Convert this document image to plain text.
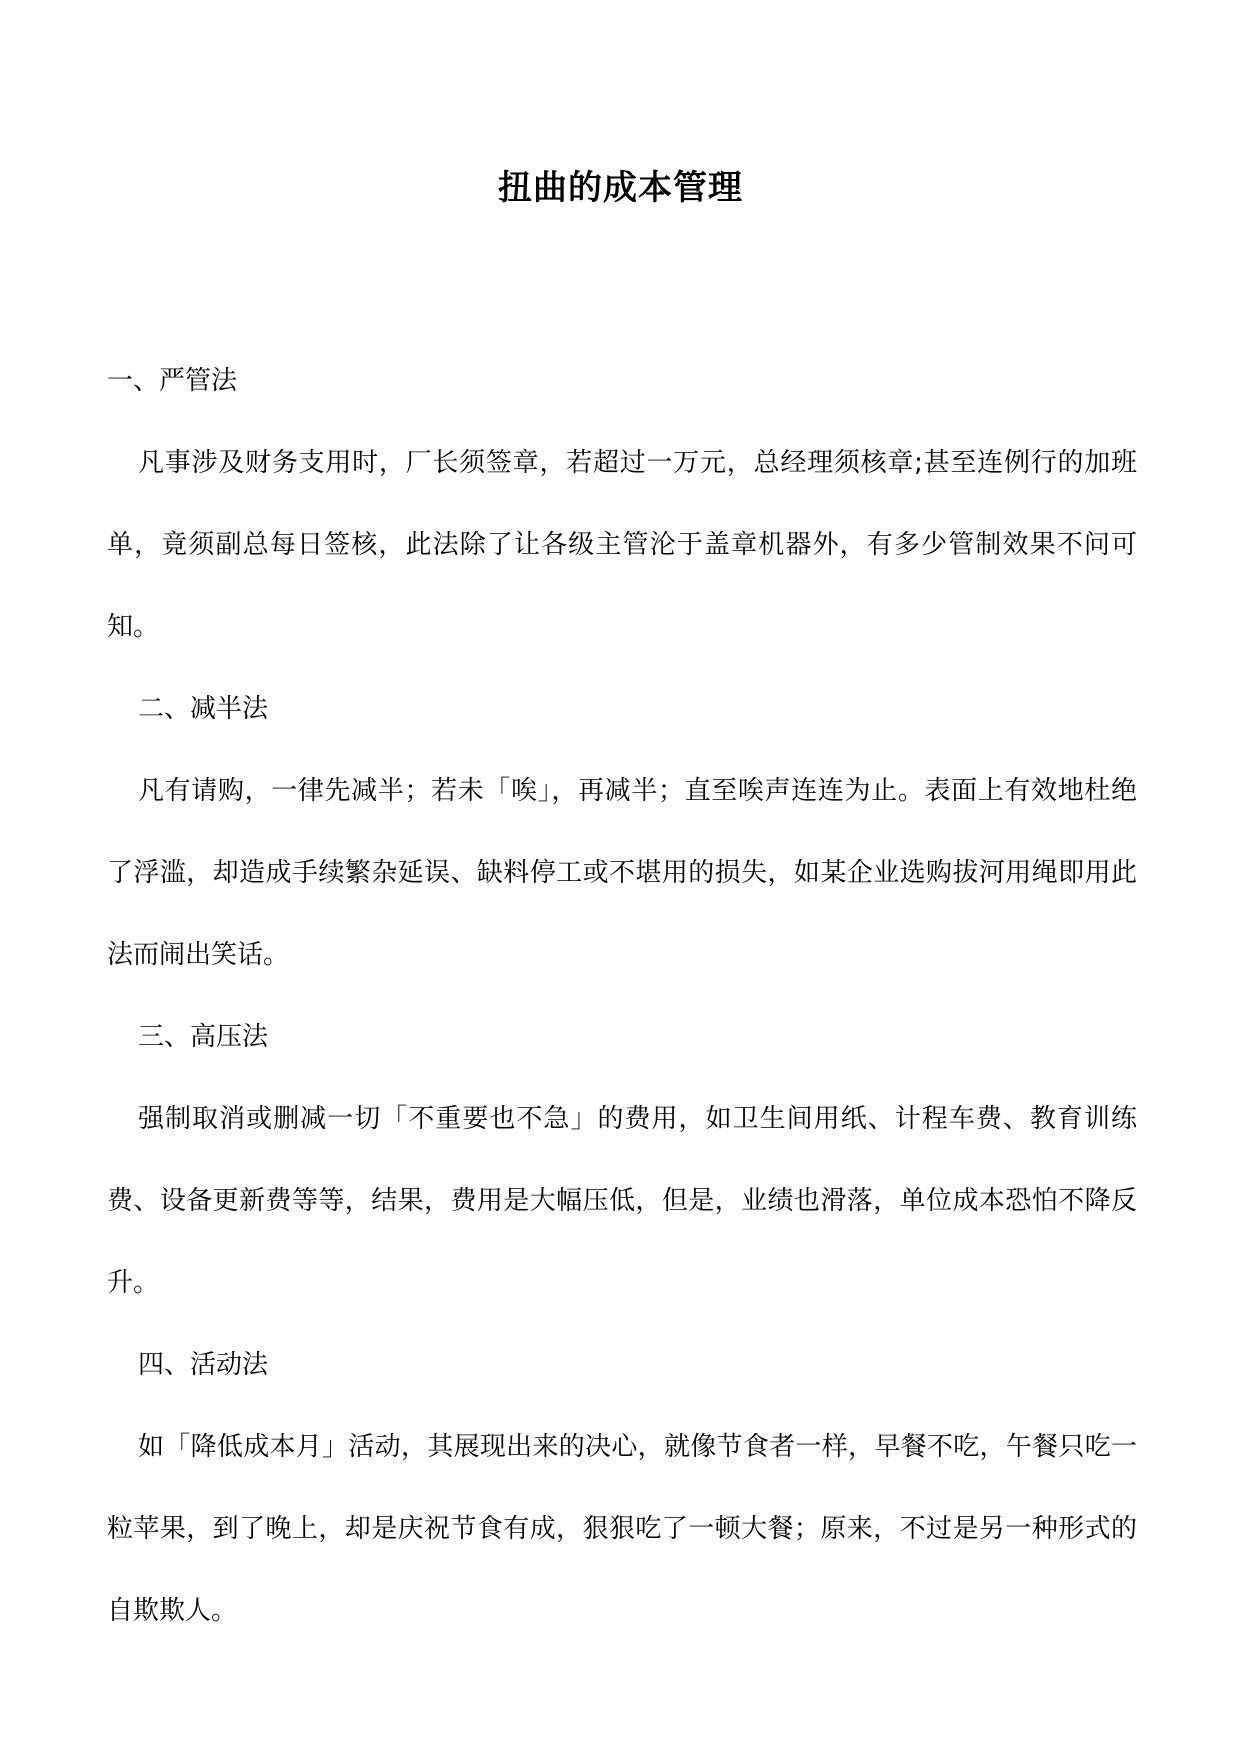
扭曲的成本管理

一、严管法

凡事涉及财务支用时，厂长须签章，若超过一万元，总经理须核章;甚至连例行的加班单，竟须副总每日签核，此法除了让各级主管沦于盖章机器外，有多少管制效果不问可知。

二、减半法

凡有请购，一律先减半；若未「唉」，再减半；直至唉声连连为止。表面上有效地杜绝了浮滥，却造成手续繁杂延误、缺料停工或不堪用的损失，如某企业选购拔河用绳即用此法而闹出笑话。

三、高压法

强制取消或删减一切「不重要也不急」的费用，如卫生间用纸、计程车费、教育训练费、设备更新费等等，结果，费用是大幅压低，但是，业绩也滑落，单位成本恐怕不降反升。

四、活动法

如「降低成本月」活动，其展现出来的决心，就像节食者一样，早餐不吃，午餐只吃一粒苹果，到了晚上，却是庆祝节食有成，狠狠吃了一顿大餐；原来，不过是另一种形式的自欺欺人。
